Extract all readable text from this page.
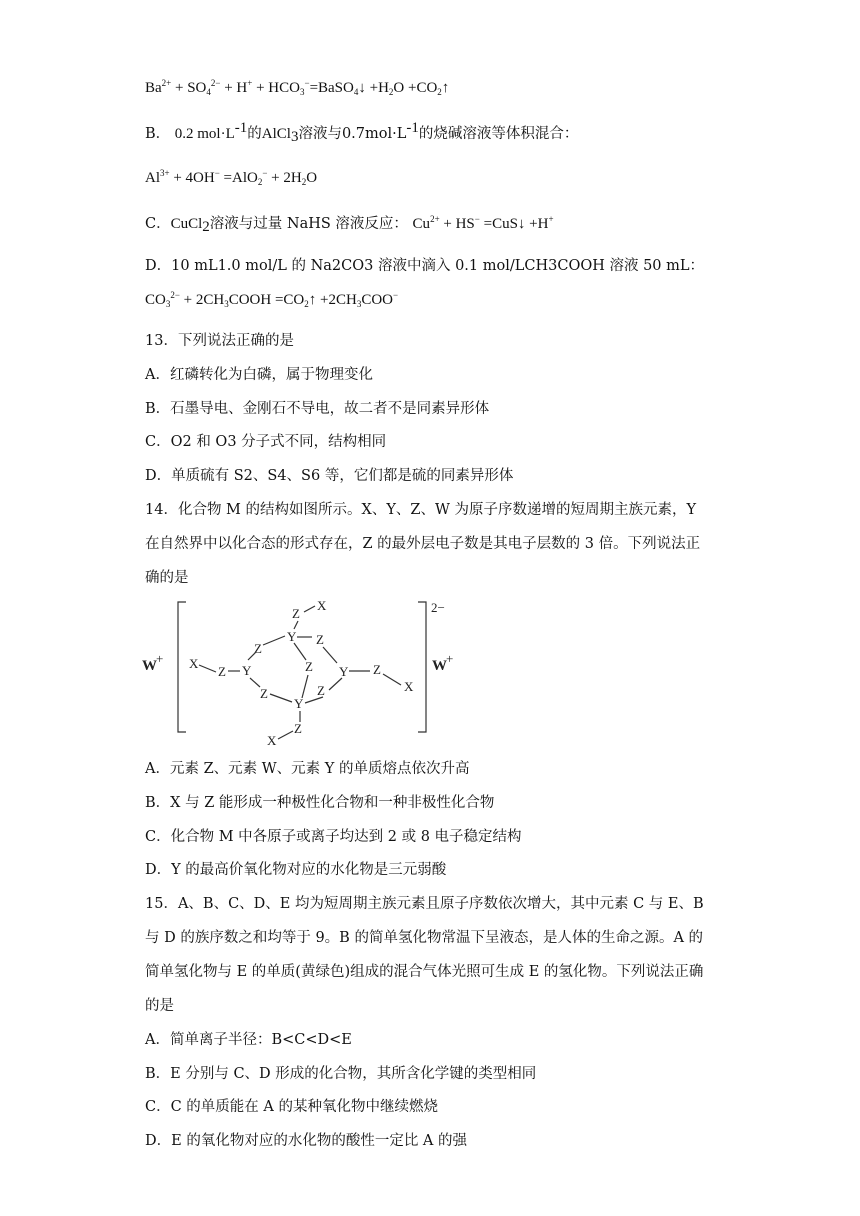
$Ba^{2+} + SO_4^{2-} + H^+$ + $HCO_3^-=BaSO_4↓ +H_2O$ $+CO_2↑$
B． 0.2 $mol\cdot L^{-1}$的AlCl$_3$溶液与$0.7mol\cdot L^{-1}$的烧碱溶液等体积混合：
$Al^{3+} + 4OH^- =AlO_2^- + 2H_2O$
C．CuCl$_2$溶液与过量 NaHS 溶液反应： $Cu^{2+} + HS^-$ =CuS↓ +H+
D．10 mL1.0 mol/L 的 Na2CO3 溶液中滴入 0.1 mol/LCH3COOH 溶液 50 mL：
$CO_3^{2-}$ + $2CH_3COOH$ $=CO_2↑ +2CH_3COO^-$
13．下列说法正确的是
A．红磷转化为白磷，属于物理变化
B．石墨导电、金刚石不导电，故二者不是同素异形体
C．O2 和 O3 分子式不同，结构相同
D．单质硫有 S2、S4、S6 等，它们都是硫的同素异形体
14．化合物 M 的结构如图所示。X、Y、Z、W 为原子序数递增的短周期主族元素，Y
在自然界中以化合态的形式存在，Z 的最外层电子数是其电子层数的 3 倍。下列说法正
确的是
2−
W +	W +
X
Z Y
Z
Z
Y
Z
X
Z
Z Y Z
X
Z
Y
Z
X
A．元素 Z、元素 W、元素 Y 的单质熔点依次升高
B．X 与 Z 能形成一种极性化合物和一种非极性化合物
C．化合物 M 中各原子或离子均达到 2 或 8 电子稳定结构
D．Y 的最高价氧化物对应的水化物是三元弱酸
15．A、B、C、D、E 均为短周期主族元素且原子序数依次增大，其中元素 C 与 E、B
与 D 的族序数之和均等于 9。B 的简单氢化物常温下呈液态，是人体的生命之源。A 的
简单氢化物与 E 的单质(黄绿色)组成的混合气体光照可生成 E 的氢化物。下列说法正确
的是
A．简单离子半径：B<C<D<E
B．E 分别与 C、D 形成的化合物，其所含化学键的类型相同
C．C 的单质能在 A 的某种氧化物中继续燃烧
D．E 的氧化物对应的水化物的酸性一定比 A 的强
